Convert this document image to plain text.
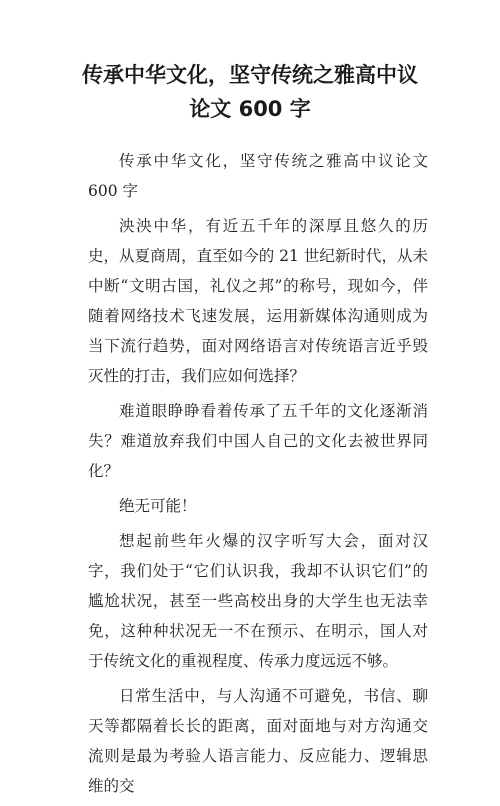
传承中华文化，坚守传统之雅高中议
论文 600 字

传承中华文化，坚守传统之雅高中议论文 600 字

泱泱中华，有近五千年的深厚且悠久的历史，从夏商周，直至如今的 21 世纪新时代，从未中断“文明古国，礼仪之邦”的称号，现如今，伴随着网络技术飞速发展，运用新媒体沟通则成为当下流行趋势，面对网络语言对传统语言近乎毁灭性的打击，我们应如何选择？

难道眼睁睁看着传承了五千年的文化逐渐消失？难道放弃我们中国人自己的文化去被世界同化？

绝无可能！

想起前些年火爆的汉字听写大会，面对汉字，我们处于“它们认识我，我却不认识它们”的尴尬状况，甚至一些高校出身的大学生也无法幸免，这种种状况无一不在预示、在明示，国人对于传统文化的重视程度、传承力度远远不够。

日常生活中，与人沟通不可避免，书信、聊天等都隔着长长的距离，面对面地与对方沟通交流则是最为考验人语言能力、反应能力、逻辑思维的交
